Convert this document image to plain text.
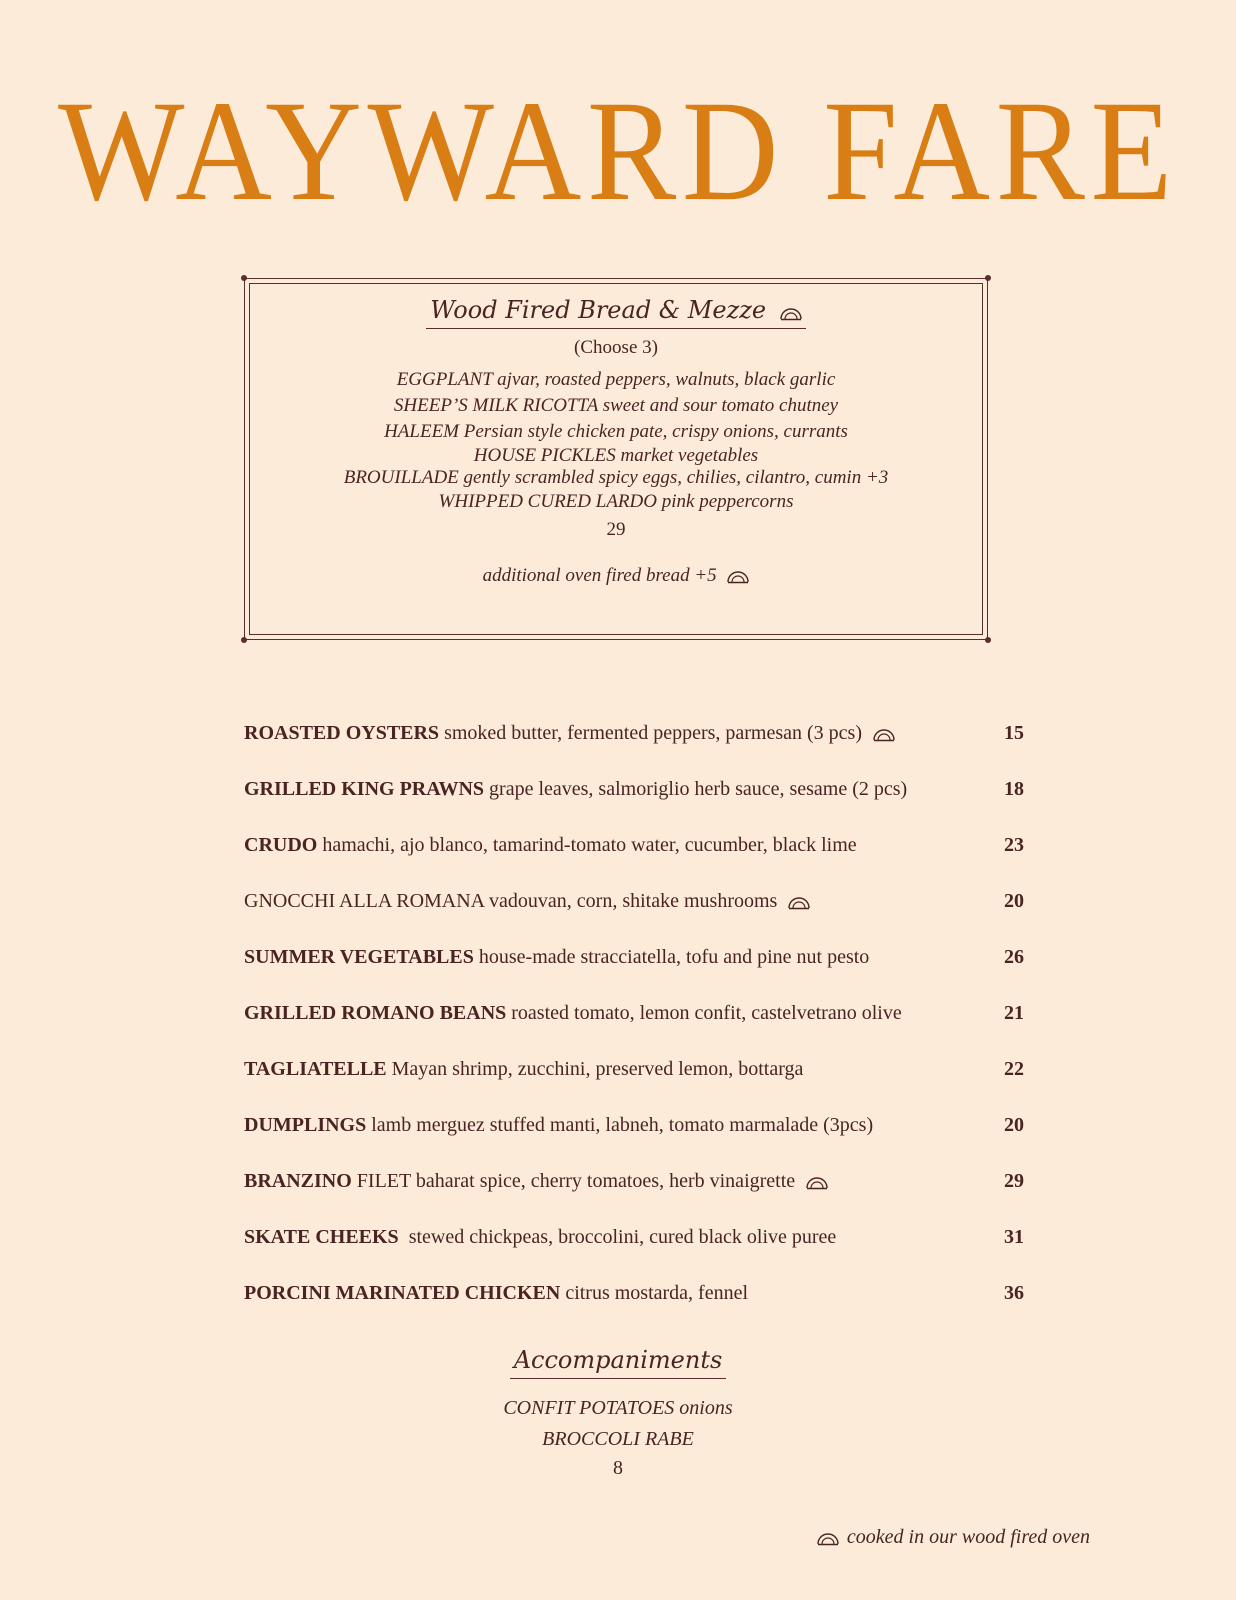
WAYWARD FARE
Wood Fired Bread & Mezze
(Choose 3)
EGGPLANT ajvar, roasted peppers, walnuts, black garlic
SHEEP’S MILK RICOTTA sweet and sour tomato chutney
HALEEM Persian style chicken pate, crispy onions, currants
HOUSE PICKLES market vegetables
BROUILLADE gently scrambled spicy eggs, chilies, cilantro, cumin +3
WHIPPED CURED LARDO pink peppercorns
29
additional oven fired bread +5
ROASTED OYSTERS smoked butter, fermented peppers, parmesan (3 pcs)	15
GRILLED KING PRAWNS grape leaves, salmoriglio herb sauce, sesame (2 pcs)	18
CRUDO hamachi, ajo blanco, tamarind-tomato water, cucumber, black lime	23
GNOCCHI ALLA ROMANA vadouvan, corn, shitake mushrooms	20
SUMMER VEGETABLES house-made stracciatella, tofu and pine nut pesto	26
GRILLED ROMANO BEANS roasted tomato, lemon confit, castelvetrano olive	21
TAGLIATELLE Mayan shrimp, zucchini, preserved lemon, bottarga	22
DUMPLINGS lamb merguez stuffed manti, labneh, tomato marmalade (3pcs)	20
BRANZINO FILET baharat spice, cherry tomatoes, herb vinaigrette	29
SKATE CHEEKS  stewed chickpeas, broccolini, cured black olive puree	31
PORCINI MARINATED CHICKEN citrus mostarda, fennel	36
Accompaniments
CONFIT POTATOES onions
BROCCOLI RABE
8
cooked in our wood fired oven
